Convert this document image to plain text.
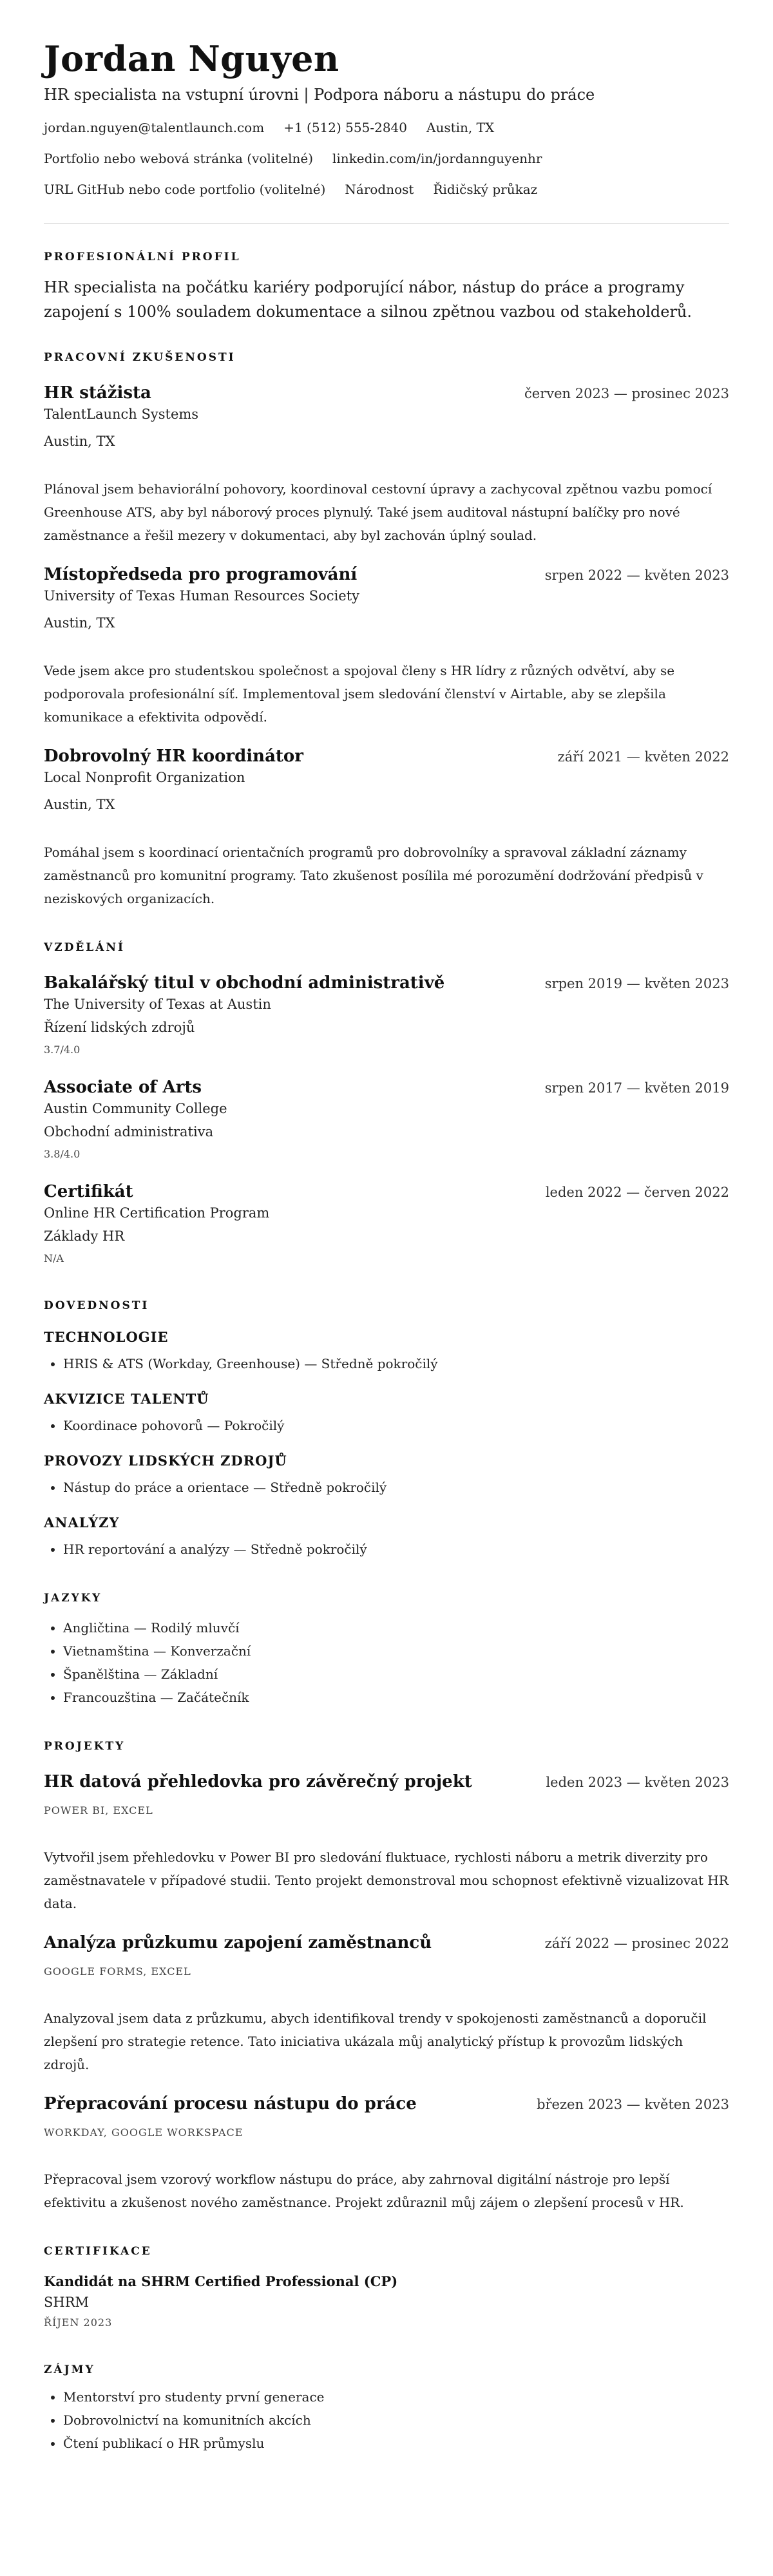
Jordan Nguyen
HR specialista na vstupní úrovni | Podpora náboru a nástupu do práce
jordan.nguyen@talentlaunch.com +1 (512) 555-2840 Austin, TX
Portfolio nebo webová stránka (volitelné) linkedin.com/in/jordannguyenhr
URL GitHub nebo code portfolio (volitelné) Národnost Řidičský průkaz
PROFESIONÁLNÍ PROFIL

HR specialista na počátku kariéry podporující nábor, nástup do práce a programy zapojení s 100% souladem dokumentace a silnou zpětnou vazbou od stakeholderů.

PRACOVNÍ ZKUŠENOSTI
HR stážista	červen 2023 — prosinec 2023
TalentLaunch Systems
Austin, TX

Plánoval jsem behaviorální pohovory, koordinoval cestovní úpravy a zachycoval zpětnou vazbu pomocí Greenhouse ATS, aby byl náborový proces plynulý. Také jsem auditoval nástupní balíčky pro nové zaměstnance a řešil mezery v dokumentaci, aby byl zachován úplný soulad.

Místopředseda pro programování	srpen 2022 — květen 2023
University of Texas Human Resources Society
Austin, TX

Vede jsem akce pro studentskou společnost a spojoval členy s HR lídry z různých odvětví, aby se podporovala profesionální síť. Implementoval jsem sledování členství v Airtable, aby se zlepšila komunikace a efektivita odpovědí.

Dobrovolný HR koordinátor	září 2021 — květen 2022
Local Nonprofit Organization
Austin, TX

Pomáhal jsem s koordinací orientačních programů pro dobrovolníky a spravoval základní záznamy zaměstnanců pro komunitní programy. Tato zkušenost posílila mé porozumění dodržování předpisů v neziskových organizacích.

VZDĚLÁNÍ
Bakalářský titul v obchodní administrativě	srpen 2019 — květen 2023
The University of Texas at Austin
Řízení lidských zdrojů
3.7/4.0
Associate of Arts	srpen 2017 — květen 2019
Austin Community College
Obchodní administrativa
3.8/4.0
Certifikát	leden 2022 — červen 2022
Online HR Certification Program
Základy HR
N/A
DOVEDNOSTI
TECHNOLOGIE
• HRIS & ATS (Workday, Greenhouse) — Středně pokročilý
AKVIZICE TALENTŮ
• Koordinace pohovorů — Pokročilý
PROVOZY LIDSKÝCH ZDROJŮ
• Nástup do práce a orientace — Středně pokročilý
ANALÝZY
• HR reportování a analýzy — Středně pokročilý
JAZYKY
• Angličtina — Rodilý mluvčí
• Vietnamština — Konverzační
• Španělština — Základní
• Francouzština — Začátečník
PROJEKTY
HR datová přehledovka pro závěrečný projekt	leden 2023 — květen 2023
POWER BI, EXCEL

Vytvořil jsem přehledovku v Power BI pro sledování fluktuace, rychlosti náboru a metrik diverzity pro zaměstnavatele v případové studii. Tento projekt demonstroval mou schopnost efektivně vizualizovat HR data.

Analýza průzkumu zapojení zaměstnanců	září 2022 — prosinec 2022
GOOGLE FORMS, EXCEL

Analyzoval jsem data z průzkumu, abych identifikoval trendy v spokojenosti zaměstnanců a doporučil zlepšení pro strategie retence. Tato iniciativa ukázala můj analytický přístup k provozům lidských zdrojů.

Přepracování procesu nástupu do práce	březen 2023 — květen 2023
WORKDAY, GOOGLE WORKSPACE

Přepracoval jsem vzorový workflow nástupu do práce, aby zahrnoval digitální nástroje pro lepší efektivitu a zkušenost nového zaměstnance. Projekt zdůraznil můj zájem o zlepšení procesů v HR.

CERTIFIKACE
Kandidát na SHRM Certified Professional (CP)
SHRM
ŘÍJEN 2023
ZÁJMY
• Mentorství pro studenty první generace
• Dobrovolnictví na komunitních akcích
• Čtení publikací o HR průmyslu
